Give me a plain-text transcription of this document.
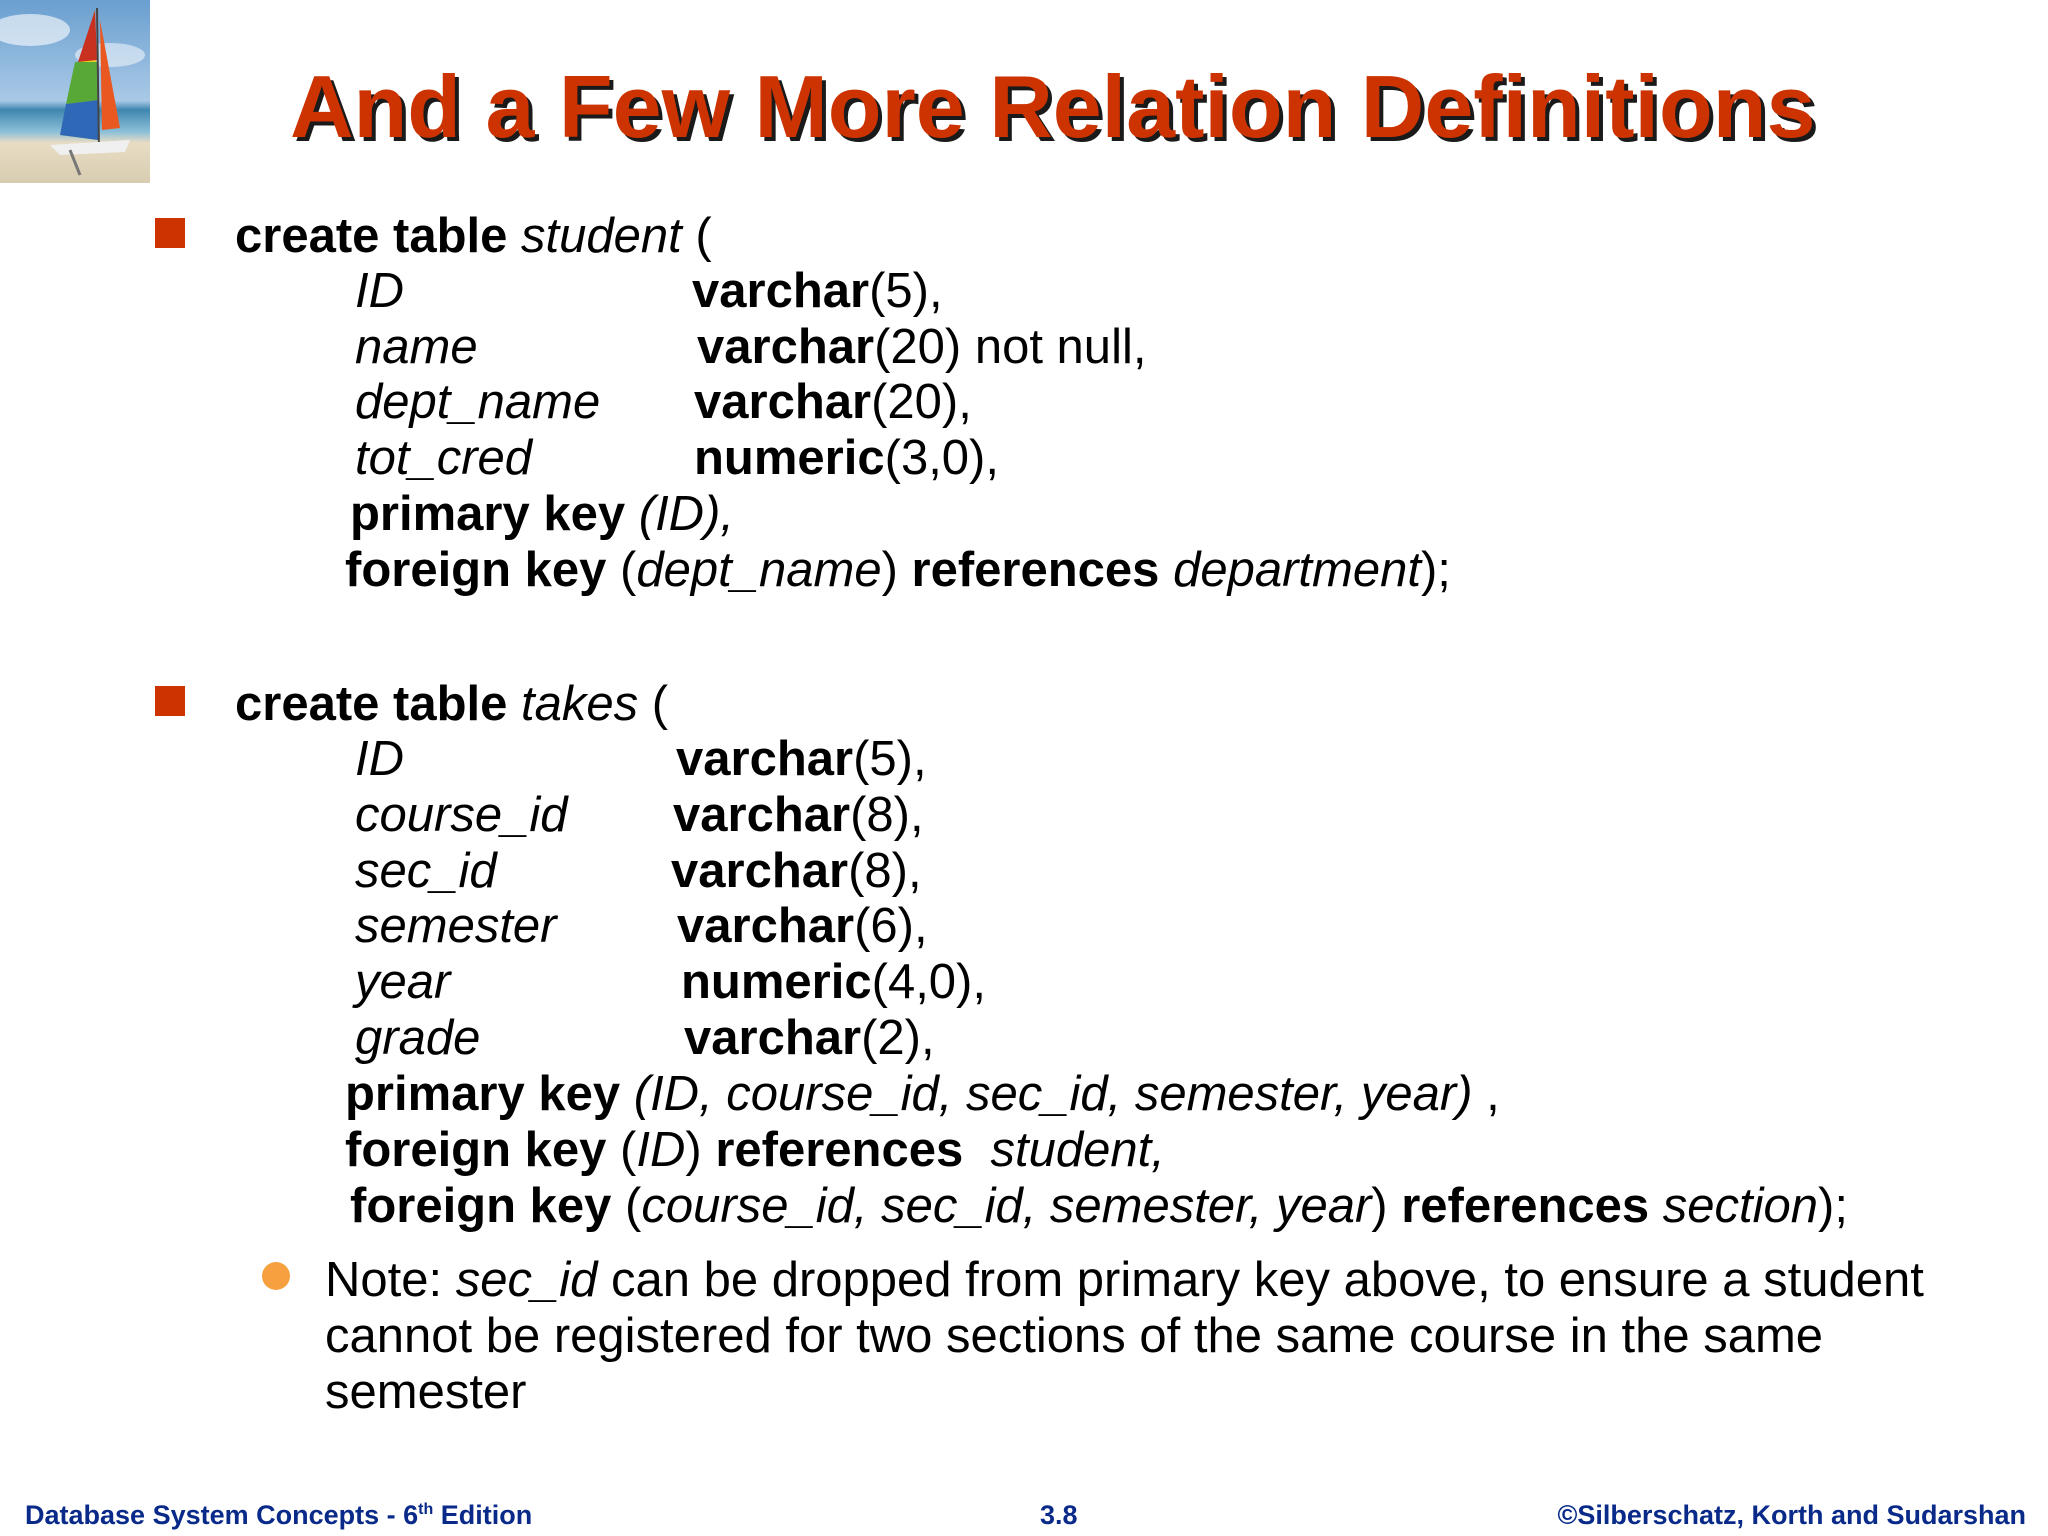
And a Few More Relation Definitions
create table student (
ID	varchar(5),
name	varchar(20) not null,
dept_name varchar(20),
tot_cred	numeric(3,0),
primary key (ID),
foreign key (dept_name) references department);
create table takes (
ID	varchar(5),
course_id varchar(8),
sec_id	varchar(8),
semester varchar(6),
year	numeric(4,0),
grade	varchar(2),
primary key (ID, course_id, sec_id, semester, year) ,
foreign key (ID) references student,
foreign key (course_id, sec_id, semester, year) references section);
Note: sec_id can be dropped from primary key above, to ensure a student cannot be registered for two sections of the same course in the same semester
Database System Concepts - 6th Edition	3.8	©Silberschatz, Korth and Sudarshan
